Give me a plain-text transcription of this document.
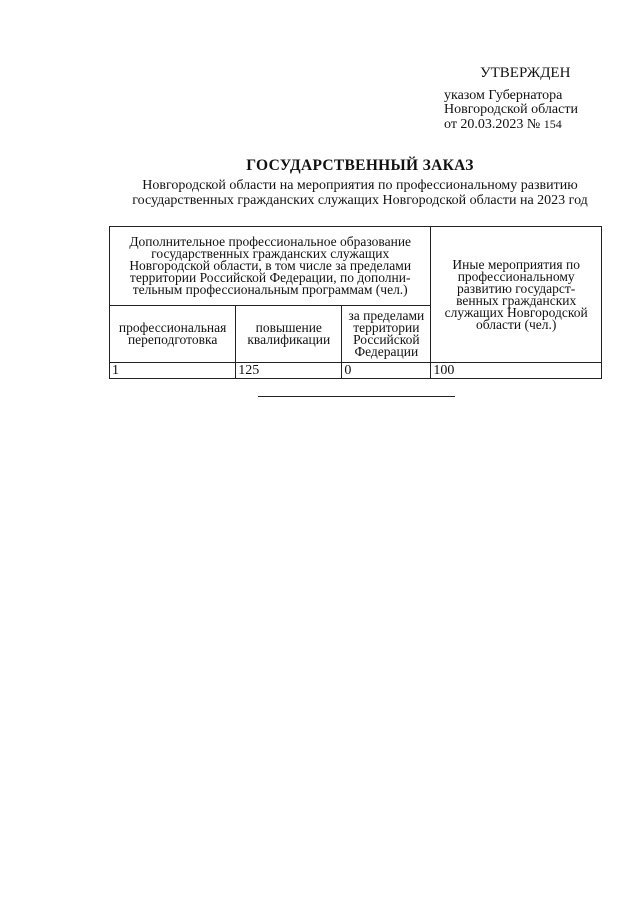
УТВЕРЖДЕН
указом Губернатора
Новгородской области
от 20.03.2023 № 154
ГОСУДАРСТВЕННЫЙ ЗАКАЗ
Новгородской области на мероприятия по профессиональному развитию
государственных гражданских служащих Новгородской области на 2023 год
Дополнительное профессиональное образование государственных гражданских служащих Новгородской области, в том числе за пределами территории Российской Федерации, по дополни-тельным профессиональным программам (чел.)			Иные мероприятия по профессиональному развитию государст-венных гражданских служащих Новгородской области (чел.)
профессиональная переподготовка	повышение квалификации	за пределами территории Российской Федерации	
1	125	0	100
